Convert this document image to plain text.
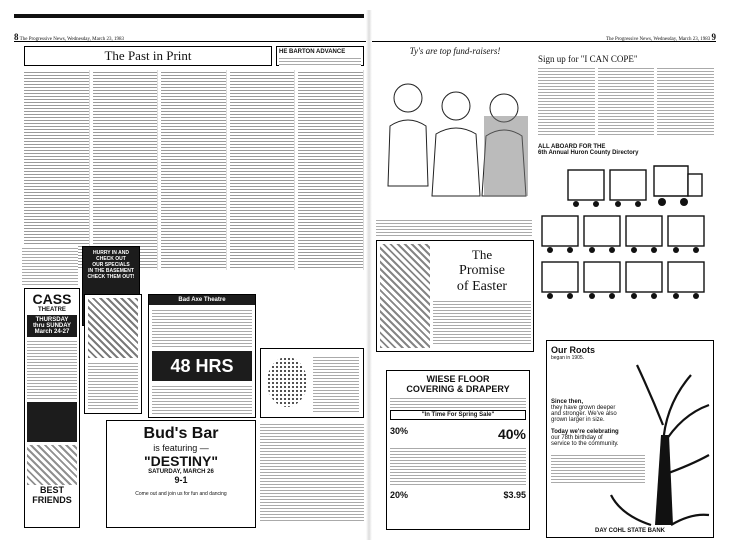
8 The Progressive News, Wednesday, March 23, 1983
The Past in Print	HE BARTON ADVANCE
HURRY IN AND
CHECK OUT
OUR SPECIALS
IN THE BASEMENT
CHECK THEM OUT!
CASS
THEATRE
THURSDAY
thru SUNDAY
March 24-27
BEST
FRIENDS
Bad Axe Theatre
48 HRS
Bud's Bar
is featuring —
"DESTINY"
SATURDAY, MARCH 26
9-1
Come out and join us for fun and dancing
The Progressive News, Wednesday, March 23, 1983 9
Ty's are top fund-raisers!
Sign up for "I CAN COPE"
ALL ABOARD FOR THE
6th Annual Huron County Directory
The
Promise
of Easter
WIESE FLOOR
COVERING & DRAPERY
"In Time For Spring Sale"
30%	40%
20%	$3.95
Our Roots
began in 1905.
Since then,
they have grown deeper
and stronger. We've also
grown larger in size.
Today we're celebrating
our 78th birthday of
service to the community.
DAY COHL STATE BANK
